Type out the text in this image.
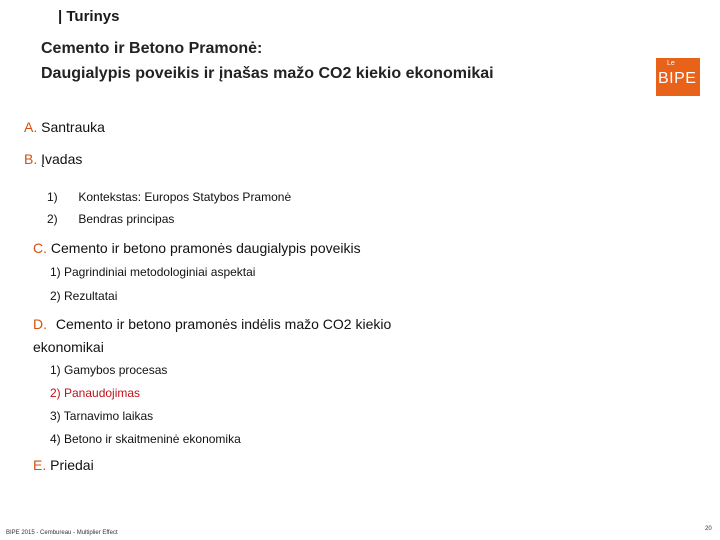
| Turinys
Cemento ir Betono Pramonė:
Daugialypis poveikis ir įnašas mažo CO2 kiekio ekonomikai
Le
BIPE
A. Santrauka
B. Įvadas
1) Kontekstas: Europos Statybos Pramonė
2) Bendras principas
C. Cemento ir betono pramonės daugialypis poveikis
1) Pagrindiniai metodologiniai aspektai
2) Rezultatai
D. Cemento ir betono pramonės indėlis mažo CO2 kiekio
ekonomikai
1) Gamybos procesas
2) Panaudojimas
3) Tarnavimo laikas
4) Betono ir skaitmeninė ekonomika
E. Priedai
BIPE 2015 - Cembureau - Multiplier Effect
20
